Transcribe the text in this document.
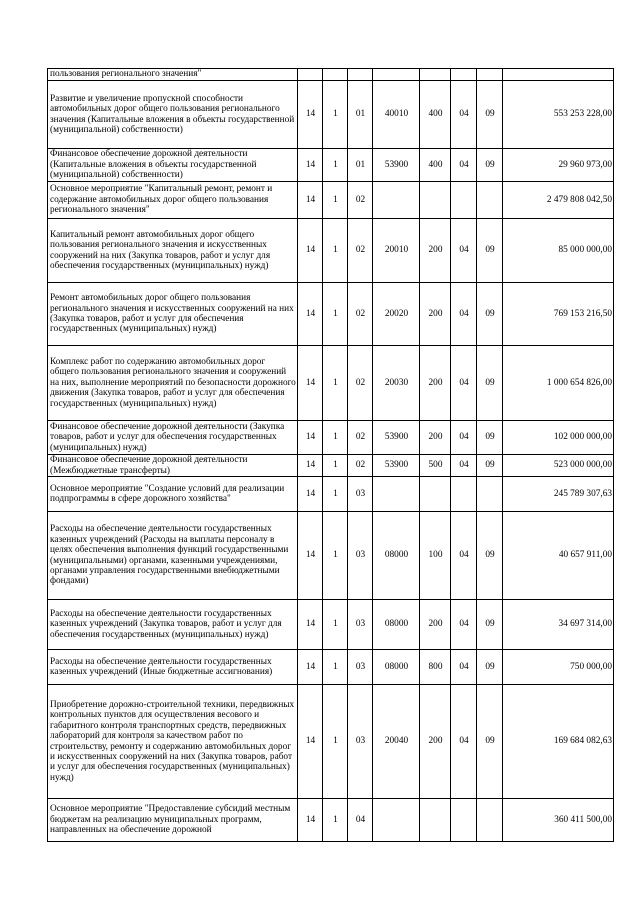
пользования регионального значения"								
Развитие и увеличение пропускной способности автомобильных дорог общего пользования регионального значения (Капитальные вложения в объекты государственной (муниципальной) собственности)	14	1	01	40010	400	04	09	553 253 228,00
Финансовое обеспечение дорожной деятельности (Капитальные вложения в объекты государственной (муниципальной) собственности)	14	1	01	53900	400	04	09	29 960 973,00
Основное мероприятие "Капитальный ремонт, ремонт и содержание автомобильных дорог общего пользования регионального значения"	14	1	02					2 479 808 042,50
Капитальный ремонт автомобильных дорог общего пользования регионального значения и искусственных сооружений на них (Закупка товаров, работ и услуг для обеспечения государственных (муниципальных) нужд)	14	1	02	20010	200	04	09	85 000 000,00
Ремонт автомобильных дорог общего пользования регионального значения и искусственных сооружений на них (Закупка товаров, работ и услуг для обеспечения государственных (муниципальных) нужд)	14	1	02	20020	200	04	09	769 153 216,50
Комплекс работ по содержанию автомобильных дорог общего пользования регионального значения и сооружений на них, выполнение мероприятий по безопасности дорожного движения (Закупка товаров, работ и услуг для обеспечения государственных (муниципальных) нужд)	14	1	02	20030	200	04	09	1 000 654 826,00
Финансовое обеспечение дорожной деятельности (Закупка товаров, работ и услуг для обеспечения государственных (муниципальных) нужд)	14	1	02	53900	200	04	09	102 000 000,00
Финансовое обеспечение дорожной деятельности (Межбюджетные трансферты)	14	1	02	53900	500	04	09	523 000 000,00
Основное мероприятие "Создание условий для реализации подпрограммы в сфере дорожного хозяйства"	14	1	03					245 789 307,63
Расходы на обеспечение деятельности государственных казенных учреждений (Расходы на выплаты персоналу в целях обеспечения выполнения функций государственными (муниципальными) органами, казенными учреждениями, органами управления государственными внебюджетными фондами)	14	1	03	08000	100	04	09	40 657 911,00
Расходы на обеспечение деятельности государственных казенных учреждений (Закупка товаров, работ и услуг для обеспечения государственных (муниципальных) нужд)	14	1	03	08000	200	04	09	34 697 314,00
Расходы на обеспечение деятельности государственных казенных учреждений (Иные бюджетные ассигнования)	14	1	03	08000	800	04	09	750 000,00
Приобретение дорожно-строительной техники, передвижных контрольных пунктов для осуществления весового и габаритного контроля транспортных средств, передвижных лабораторий для контроля за качеством работ по строительству, ремонту и содержанию автомобильных дорог и искусственных сооружений на них (Закупка товаров, работ и услуг для обеспечения государственных (муниципальных) нужд)	14	1	03	20040	200	04	09	169 684 082,63
Основное мероприятие "Предоставление субсидий местным бюджетам на реализацию муниципальных программ, направленных на обеспечение дорожной	14	1	04					360 411 500,00
